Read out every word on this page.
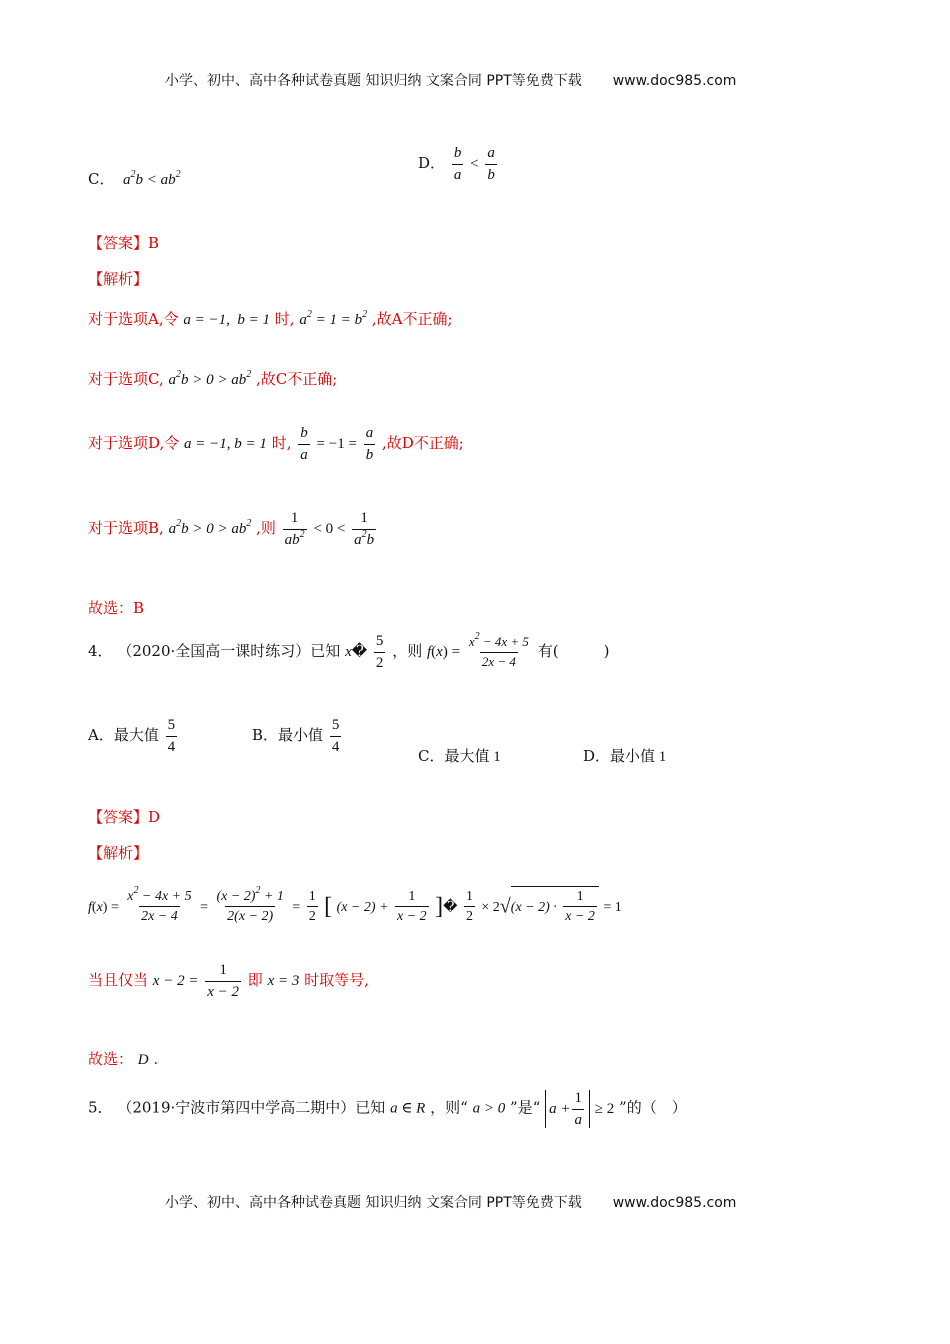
小学、初中、高中各种试卷真题 知识归纳 文案合同 PPT等免费下载 www.doc985.com
C．  $a^2b < ab^2$
D． $\frac{b}{a} < \frac{a}{b}$
【答案】B
【解析】
对于选项A,令 a = −1,  b = 1 时, $a^2 = 1 = b^2$ ,故A不正确;
对于选项C, $a^2b > 0 > ab^2$ ,故C不正确;
对于选项D,令 a = −1, b = 1 时, $\frac{b}{a} = -1 = \frac{a}{b}$ ,故D不正确;
对于选项B, $a^2b > 0 > ab^2$ ,则 $\frac{1}{ab^2} < 0 < \frac{1}{a^2b}$
故选：B
4． （2020·全国高一课时练习）已知 x� $\frac{5}{2}$ ，则 $f(x) = \frac{x^2 - 4x + 5}{2x - 4}$ 有(　　　)
A．最大值 $\frac{5}{4}$	B．最小值 $\frac{5}{4}$
C．最大值 1	D．最小值 1
【答案】D
【解析】
$f(x) = \frac{x^2 - 4x + 5}{2x - 4} = \frac{(x - 2)^2 + 1}{2(x - 2)} = \frac{1}{2}$ [ $(x - 2) + \frac{1}{x - 2}$ ]� $\frac{1}{2} \times 2√(x - 2) \cdot \frac{1}{x - 2} = 1$
当且仅当 $x - 2 = \frac{1}{x - 2}$ 即 x = 3 时取等号,
故选： D .
5． （2019·宁波市第四中学高二期中）已知 a ∈ R ，则“ a > 0 ”是“ $a + \frac{1}{a} \ge 2$ ”的（　）
小学、初中、高中各种试卷真题 知识归纳 文案合同 PPT等免费下载 www.doc985.com
